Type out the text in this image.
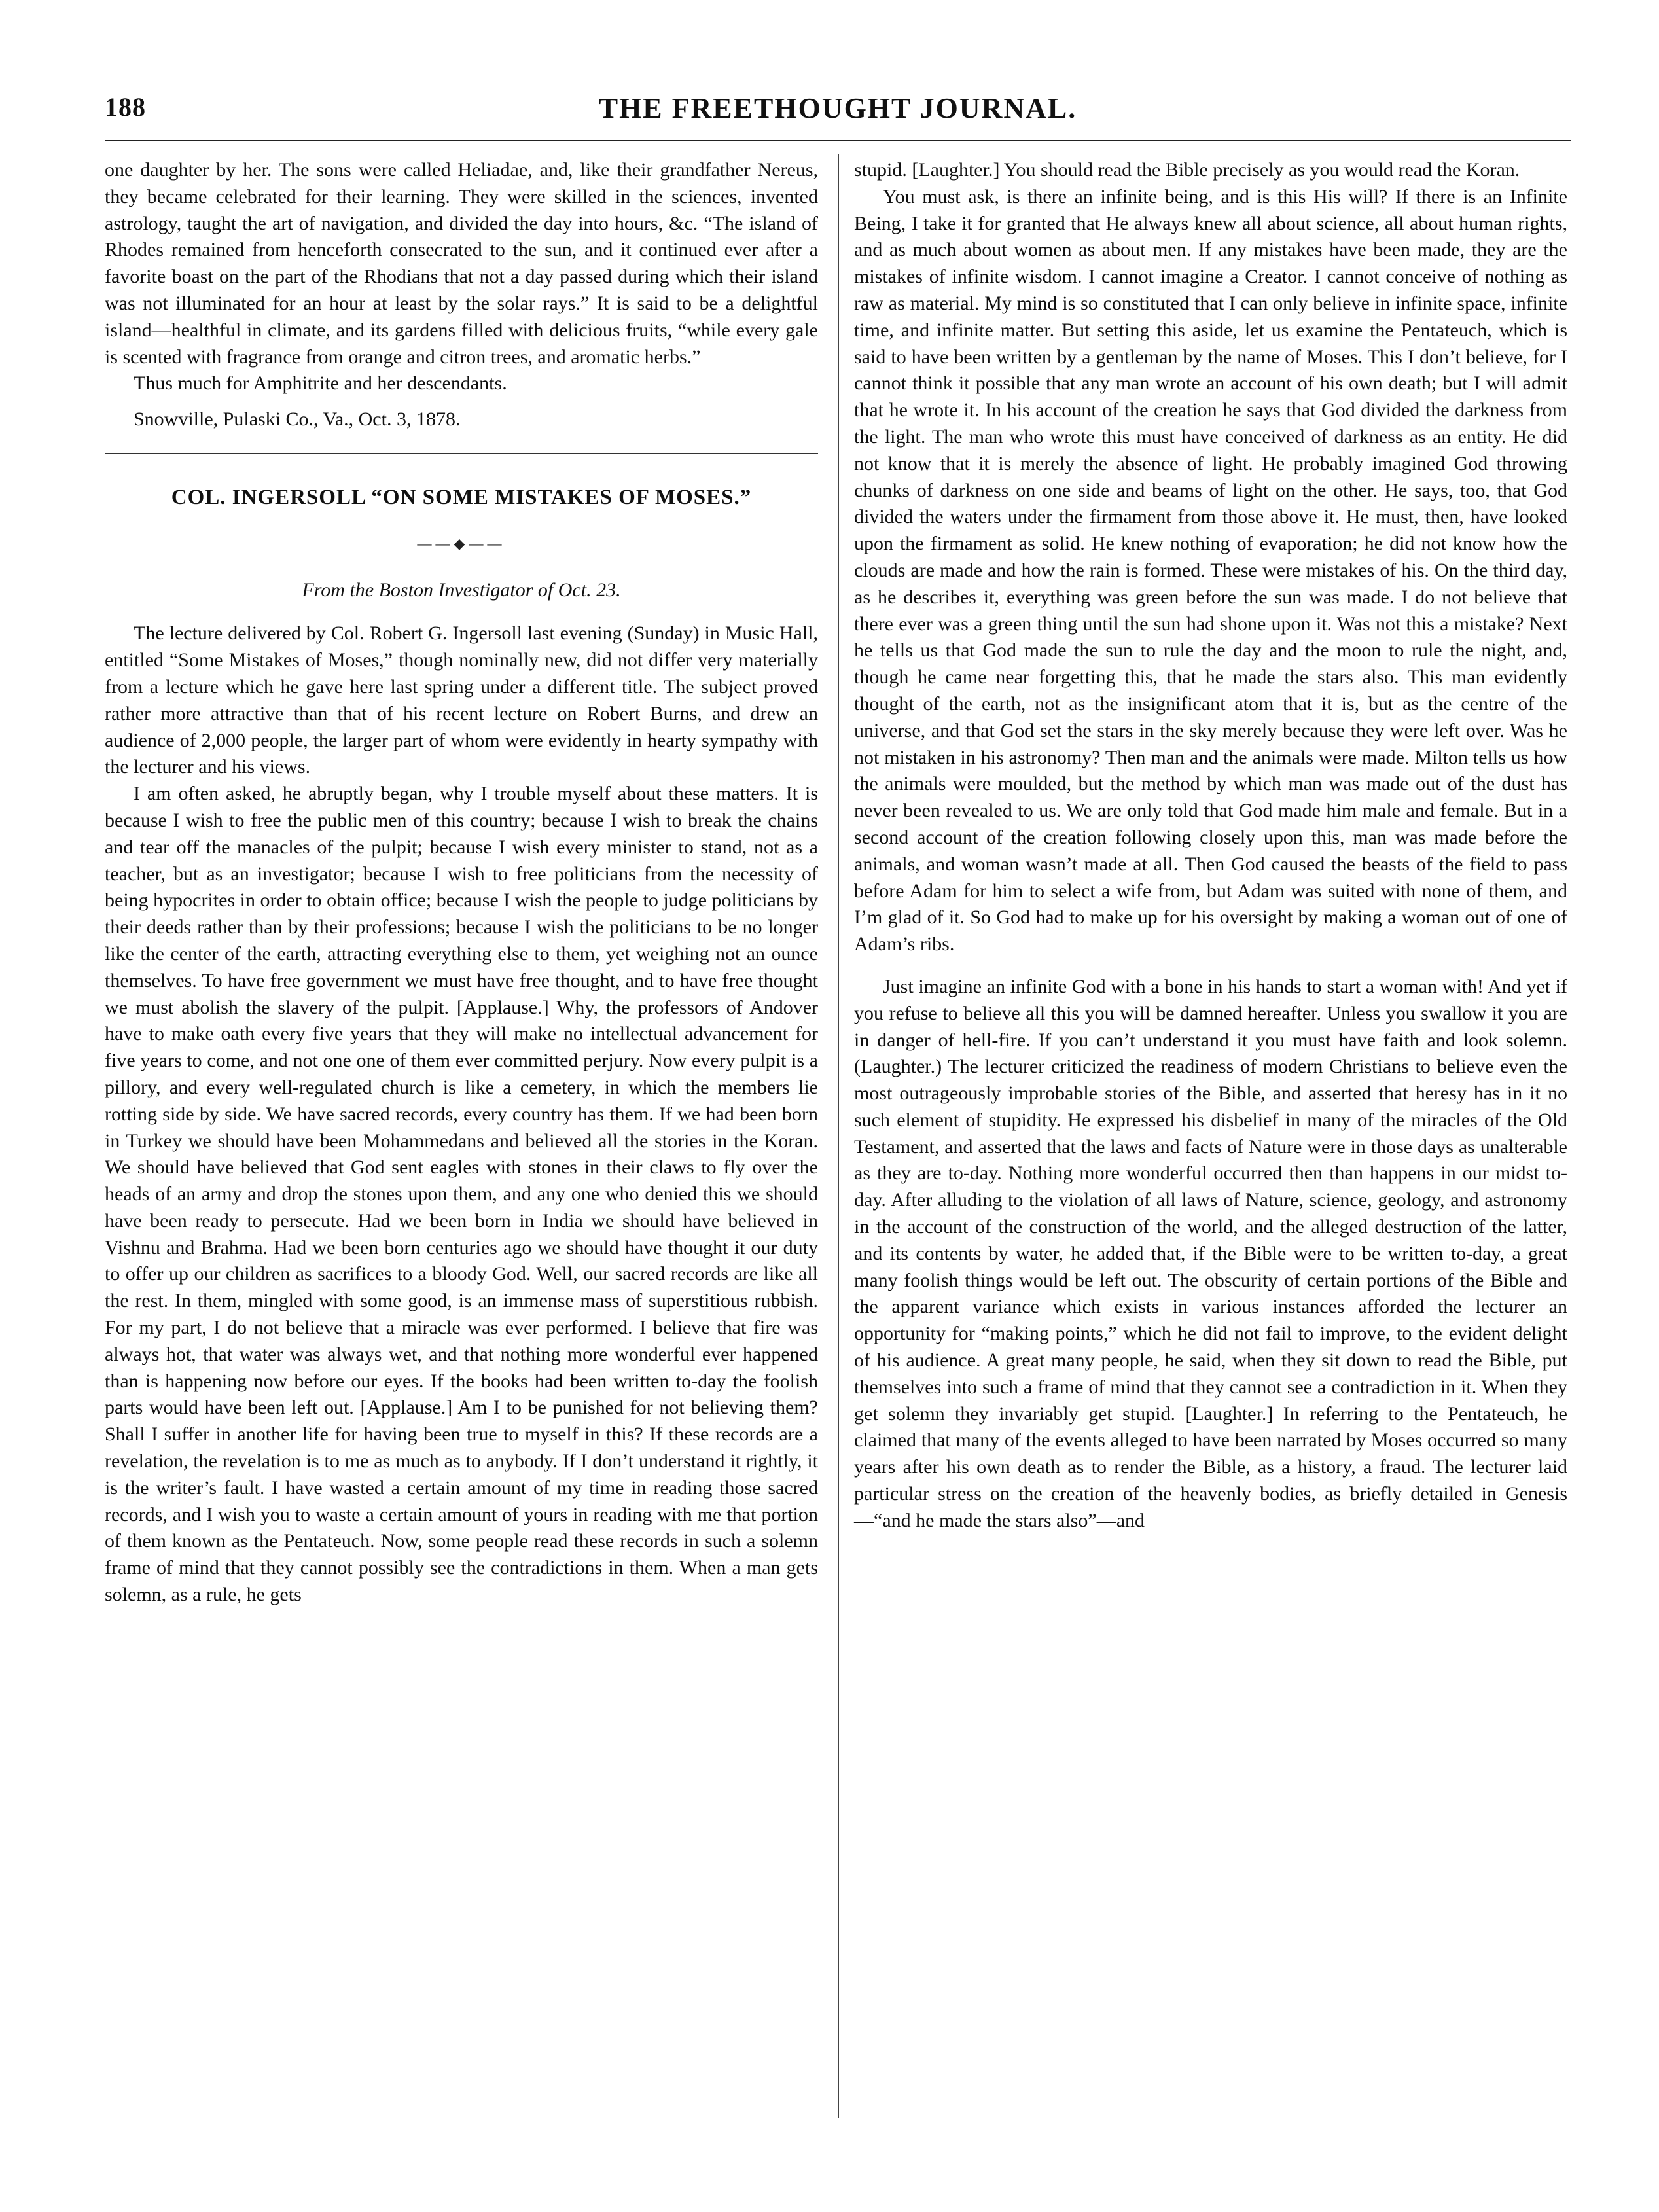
188	THE FREETHOUGHT JOURNAL.

one daughter by her. The sons were called Heliadae, and, like their grandfather Nereus, they became celebrated for their learning. They were skilled in the sciences, invented astrology, taught the art of navigation, and divided the day into hours, &c. “The island of Rhodes remained from henceforth consecrated to the sun, and it continued ever after a favorite boast on the part of the Rhodians that not a day passed during which their island was not illuminated for an hour at least by the solar rays.” It is said to be a delightful island—healthful in climate, and its gardens filled with delicious fruits, “while every gale is scented with fragrance from orange and citron trees, and aromatic herbs.”

Thus much for Amphitrite and her descendants.

Snowville, Pulaski Co., Va., Oct. 3, 1878.

COL. INGERSOLL “ON SOME MISTAKES OF MOSES.”
——◆——

From the Boston Investigator of Oct. 23.

The lecture delivered by Col. Robert G. Ingersoll last evening (Sunday) in Music Hall, entitled “Some Mistakes of Moses,” though nominally new, did not differ very materially from a lecture which he gave here last spring under a different title. The subject proved rather more attractive than that of his recent lecture on Robert Burns, and drew an audience of 2,000 people, the larger part of whom were evidently in hearty sympathy with the lecturer and his views.

I am often asked, he abruptly began, why I trouble myself about these matters. It is because I wish to free the public men of this country; because I wish to break the chains and tear off the manacles of the pulpit; because I wish every minister to stand, not as a teacher, but as an investigator; because I wish to free politicians from the necessity of being hypocrites in order to obtain office; because I wish the people to judge politicians by their deeds rather than by their professions; because I wish the politicians to be no longer like the center of the earth, attracting everything else to them, yet weighing not an ounce themselves. To have free government we must have free thought, and to have free thought we must abolish the slavery of the pulpit. [Applause.] Why, the professors of Andover have to make oath every five years that they will make no intellectual advancement for five years to come, and not one one of them ever committed perjury. Now every pulpit is a pillory, and every well-regulated church is like a cemetery, in which the members lie rotting side by side. We have sacred records, every country has them. If we had been born in Turkey we should have been Mohammedans and believed all the stories in the Koran. We should have believed that God sent eagles with stones in their claws to fly over the heads of an army and drop the stones upon them, and any one who denied this we should have been ready to persecute. Had we been born in India we should have believed in Vishnu and Brahma. Had we been born centuries ago we should have thought it our duty to offer up our children as sacrifices to a bloody God. Well, our sacred records are like all the rest. In them, mingled with some good, is an immense mass of superstitious rubbish. For my part, I do not believe that a miracle was ever performed. I believe that fire was always hot, that water was always wet, and that nothing more wonderful ever happened than is happening now before our eyes. If the books had been written to-day the foolish parts would have been left out. [Applause.] Am I to be punished for not believing them? Shall I suffer in another life for having been true to myself in this? If these records are a revelation, the revelation is to me as much as to anybody. If I don’t understand it rightly, it is the writer’s fault. I have wasted a certain amount of my time in reading those sacred records, and I wish you to waste a certain amount of yours in reading with me that portion of them known as the Pentateuch. Now, some people read these records in such a solemn frame of mind that they cannot possibly see the contradictions in them. When a man gets solemn, as a rule, he gets

stupid. [Laughter.] You should read the Bible precisely as you would read the Koran.

You must ask, is there an infinite being, and is this His will? If there is an Infinite Being, I take it for granted that He always knew all about science, all about human rights, and as much about women as about men. If any mistakes have been made, they are the mistakes of infinite wisdom. I cannot imagine a Creator. I cannot conceive of nothing as raw as material. My mind is so constituted that I can only believe in infinite space, infinite time, and infinite matter. But setting this aside, let us examine the Pentateuch, which is said to have been written by a gentleman by the name of Moses. This I don’t believe, for I cannot think it possible that any man wrote an account of his own death; but I will admit that he wrote it. In his account of the creation he says that God divided the darkness from the light. The man who wrote this must have conceived of darkness as an entity. He did not know that it is merely the absence of light. He probably imagined God throwing chunks of darkness on one side and beams of light on the other. He says, too, that God divided the waters under the firmament from those above it. He must, then, have looked upon the firmament as solid. He knew nothing of evaporation; he did not know how the clouds are made and how the rain is formed. These were mistakes of his. On the third day, as he describes it, everything was green before the sun was made. I do not believe that there ever was a green thing until the sun had shone upon it. Was not this a mistake? Next he tells us that God made the sun to rule the day and the moon to rule the night, and, though he came near forgetting this, that he made the stars also. This man evidently thought of the earth, not as the insignificant atom that it is, but as the centre of the universe, and that God set the stars in the sky merely because they were left over. Was he not mistaken in his astronomy? Then man and the animals were made. Milton tells us how the animals were moulded, but the method by which man was made out of the dust has never been revealed to us. We are only told that God made him male and female. But in a second account of the creation following closely upon this, man was made before the animals, and woman wasn’t made at all. Then God caused the beasts of the field to pass before Adam for him to select a wife from, but Adam was suited with none of them, and I’m glad of it. So God had to make up for his oversight by making a woman out of one of Adam’s ribs.

Just imagine an infinite God with a bone in his hands to start a woman with! And yet if you refuse to believe all this you will be damned hereafter. Unless you swallow it you are in danger of hell-fire. If you can’t understand it you must have faith and look solemn. (Laughter.) The lecturer criticized the readiness of modern Christians to believe even the most outrageously improbable stories of the Bible, and asserted that heresy has in it no such element of stupidity. He expressed his disbelief in many of the miracles of the Old Testament, and asserted that the laws and facts of Nature were in those days as unalterable as they are to-day. Nothing more wonderful occurred then than happens in our midst to-day. After alluding to the violation of all laws of Nature, science, geology, and astronomy in the account of the construction of the world, and the alleged destruction of the latter, and its contents by water, he added that, if the Bible were to be written to-day, a great many foolish things would be left out. The obscurity of certain portions of the Bible and the apparent variance which exists in various instances afforded the lecturer an opportunity for “making points,” which he did not fail to improve, to the evident delight of his audience. A great many people, he said, when they sit down to read the Bible, put themselves into such a frame of mind that they cannot see a contradiction in it. When they get solemn they invariably get stupid. [Laughter.] In referring to the Pentateuch, he claimed that many of the events alleged to have been narrated by Moses occurred so many years after his own death as to render the Bible, as a history, a fraud. The lecturer laid particular stress on the creation of the heavenly bodies, as briefly detailed in Genesis—“and he made the stars also”—and
